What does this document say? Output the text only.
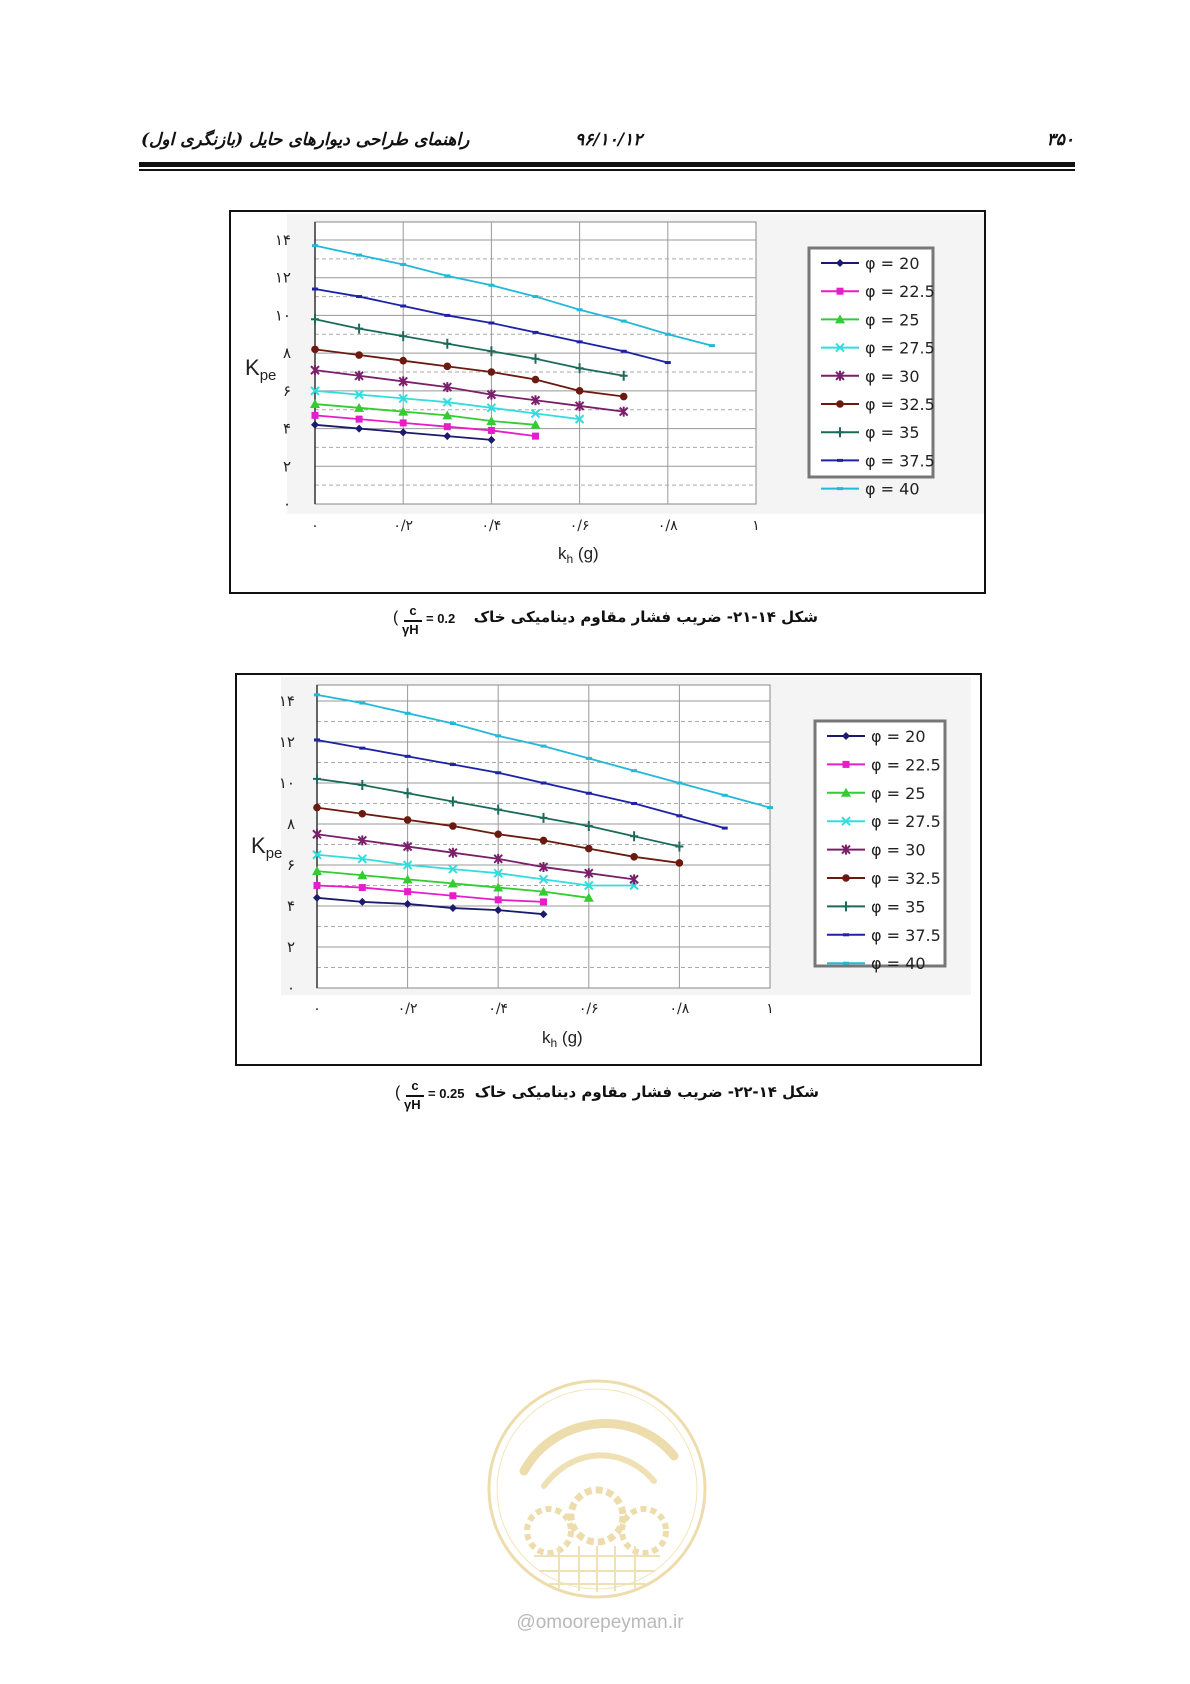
۳۵۰
۹۶/۱۰/۱۲
راهنمای طراحی دیوارهای حایل (بازنگری اول)
۰
۲
۴
۶
۸
۱۰
۱۲
۱۴
۰	۰/۲	۰/۴	۰/۶	۰/۸	۱
$K_{pe}$
$k_h$ (g)
φ = 20
φ = 22.5
φ = 25
φ = 27.5
φ = 30
φ = 32.5
φ = 35
φ = 37.5
φ = 40
شکل ۱۴-۲۱- ضریب فشار مقاوم دینامیکی خاک
( c
γH
= 0.2
۰
۲
۴
۶
۸
۱۰
۱۲
۱۴
۰	۰/۲	۰/۴	۰/۶	۰/۸	۱
$K_{pe}$
$k_h$ (g)
φ = 20
φ = 22.5
φ = 25
φ = 27.5
φ = 30
φ = 32.5
φ = 35
φ = 37.5
φ = 40
شکل ۱۴-۲۲- ضریب فشار مقاوم دینامیکی خاک
( c
γH
= 0.25
@omoorepeyman.ir
